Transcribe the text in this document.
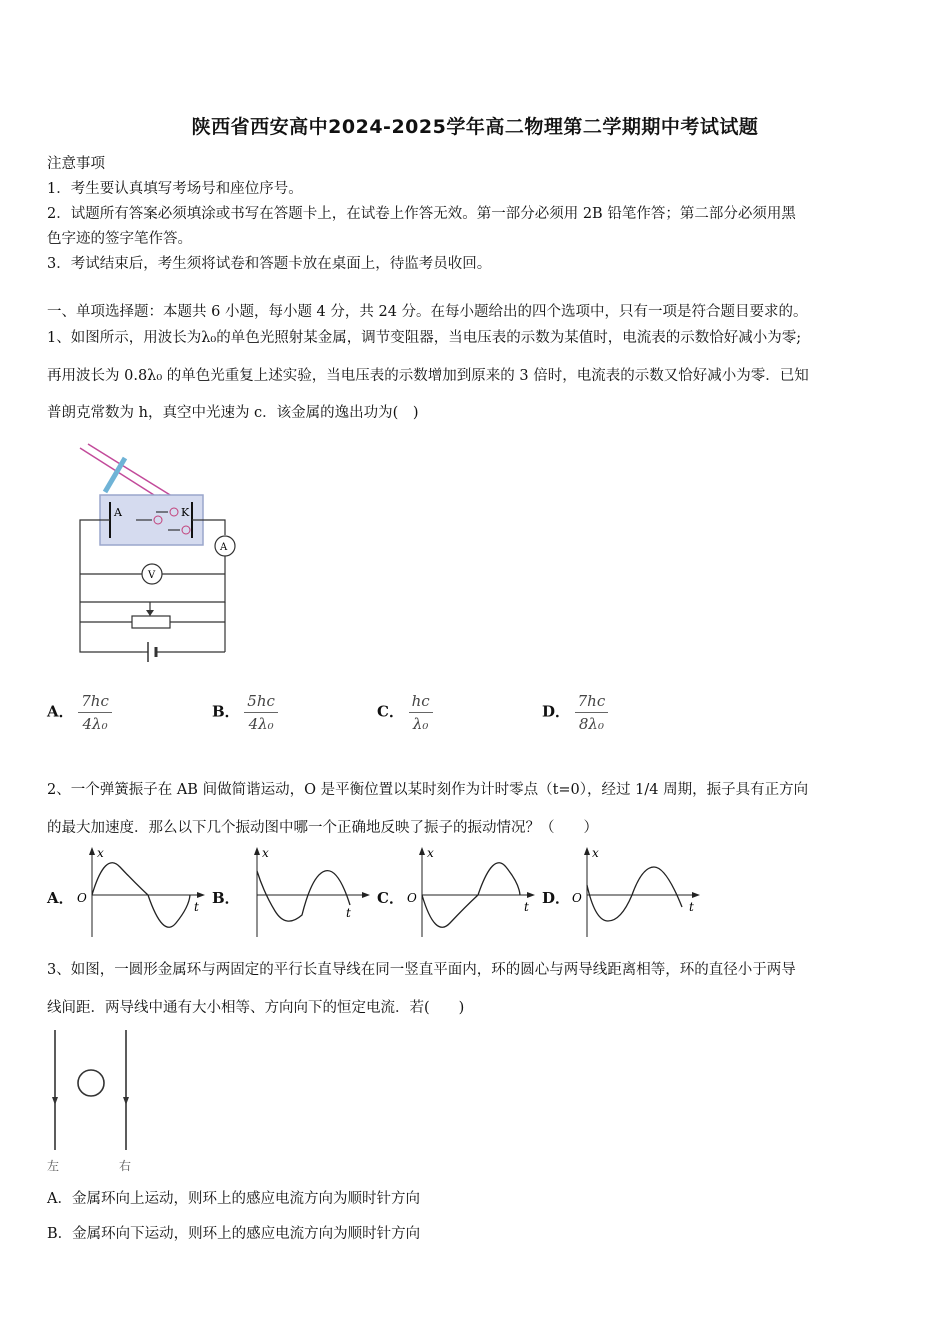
陕西省西安高中2024-2025学年高二物理第二学期期中考试试题
注意事项
1．考生要认真填写考场号和座位序号。
2．试题所有答案必须填涂或书写在答题卡上，在试卷上作答无效。第一部分必须用 2B 铅笔作答；第二部分必须用黑
色字迹的签字笔作答。
3．考试结束后，考生须将试卷和答题卡放在桌面上，待监考员收回。
一、单项选择题：本题共 6 小题，每小题 4 分，共 24 分。在每小题给出的四个选项中，只有一项是符合题目要求的。
1、如图所示，用波长为λ₀的单色光照射某金属，调节变阻器，当电压表的示数为某值时，电流表的示数恰好减小为零;
再用波长为 0.8λ₀ 的单色光重复上述实验，当电压表的示数增加到原来的 3 倍时，电流表的示数又恰好减小为零．已知
普朗克常数为 h，真空中光速为 c．该金属的逸出功为(　)
A	K
A
V
A． $\frac{7hc}{\text{4λ₀}}$	B． $\frac{5hc}{\text{4λ₀}}$	C． $\frac{hc}{\text{λ₀}}$	D． $\frac{7hc}{\text{8λ₀}}$
2、一个弹簧振子在 AB 间做简谐运动，O 是平衡位置以某时刻作为计时零点（t=0），经过 1/4 周期，振子具有正方向
的最大加速度．那么以下几个振动图中哪一个正确地反映了振子的振动情况？（　　）
A．
x
t
O	B．
x
t
C．
x
t
O	D．
x
t
O
3、如图，一圆形金属环与两固定的平行长直导线在同一竖直平面内，环的圆心与两导线距离相等，环的直径小于两导
线间距．两导线中通有大小相等、方向向下的恒定电流．若(　　)
左	右
A．金属环向上运动，则环上的感应电流方向为顺时针方向
B．金属环向下运动，则环上的感应电流方向为顺时针方向
